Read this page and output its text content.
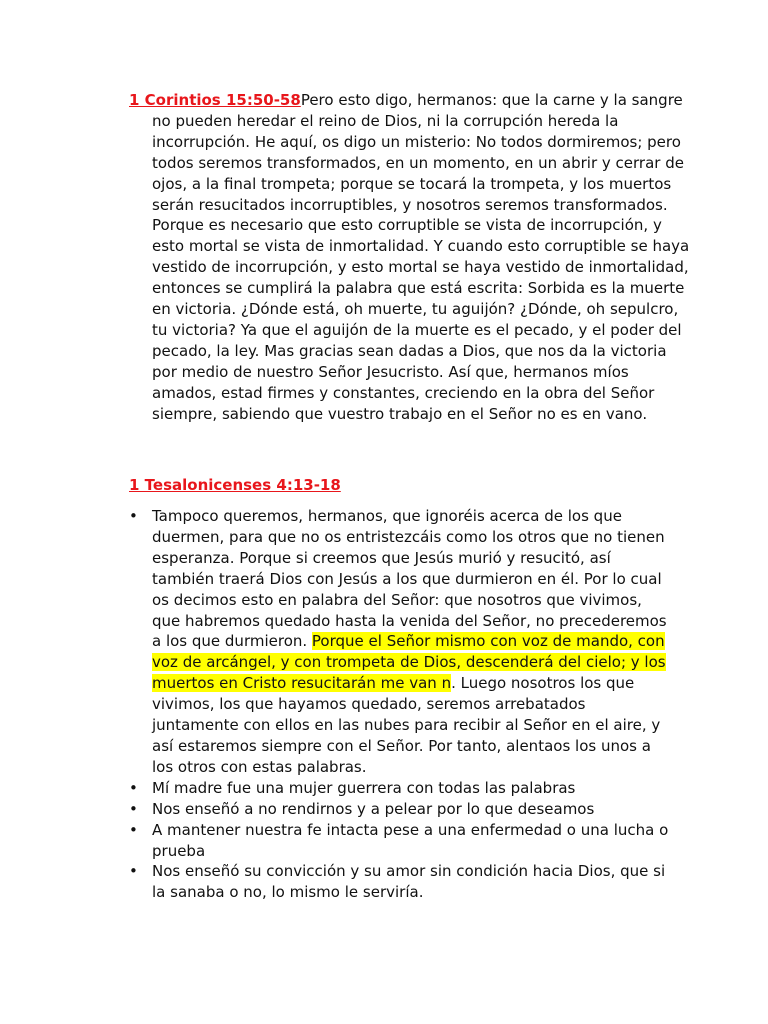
1 Corintios 15:50-58Pero esto digo, hermanos: que la carne y la sangre no pueden heredar el reino de Dios, ni la corrupción hereda la incorrupción. He aquí, os digo un misterio: No todos dormiremos; pero todos seremos transformados, en un momento, en un abrir y cerrar de ojos, a la final trompeta; porque se tocará la trompeta, y los muertos serán resucitados incorruptibles, y nosotros seremos transformados. Porque es necesario que esto corruptible se vista de incorrupción, y esto mortal se vista de inmortalidad. Y cuando esto corruptible se haya vestido de incorrupción, y esto mortal se haya vestido de inmortalidad, entonces se cumplirá la palabra que está escrita: Sorbida es la muerte en victoria. ¿Dónde está, oh muerte, tu aguijón? ¿Dónde, oh sepulcro, tu victoria? Ya que el aguijón de la muerte es el pecado, y el poder del pecado, la ley. Mas gracias sean dadas a Dios, que nos da la victoria por medio de nuestro Señor Jesucristo. Así que, hermanos míos amados, estad firmes y constantes, creciendo en la obra del Señor siempre, sabiendo que vuestro trabajo en el Señor no es en vano.

1 Tesalonicenses 4:13-18
• Tampoco queremos, hermanos, que ignoréis acerca de los que duermen, para que no os entristezcáis como los otros que no tienen esperanza. Porque si creemos que Jesús murió y resucitó, así también traerá Dios con Jesús a los que durmieron en él. Por lo cual os decimos esto en palabra del Señor: que nosotros que vivimos, que habremos quedado hasta la venida del Señor, no precederemos a los que durmieron. Porque el Señor mismo con voz de mando, con voz de arcángel, y con trompeta de Dios, descenderá del cielo; y los muertos en Cristo resucitarán me van n. Luego nosotros los que vivimos, los que hayamos quedado, seremos arrebatados juntamente con ellos en las nubes para recibir al Señor en el aire, y así estaremos siempre con el Señor. Por tanto, alentaos los unos a los otros con estas palabras.
• Mí madre fue una mujer guerrera con todas las palabras
• Nos enseñó a no rendirnos y a pelear por lo que deseamos
• A mantener nuestra fe intacta pese a una enfermedad o una lucha o prueba
• Nos enseñó su convicción y su amor sin condición hacia Dios, que si la sanaba o no, lo mismo le serviría.
